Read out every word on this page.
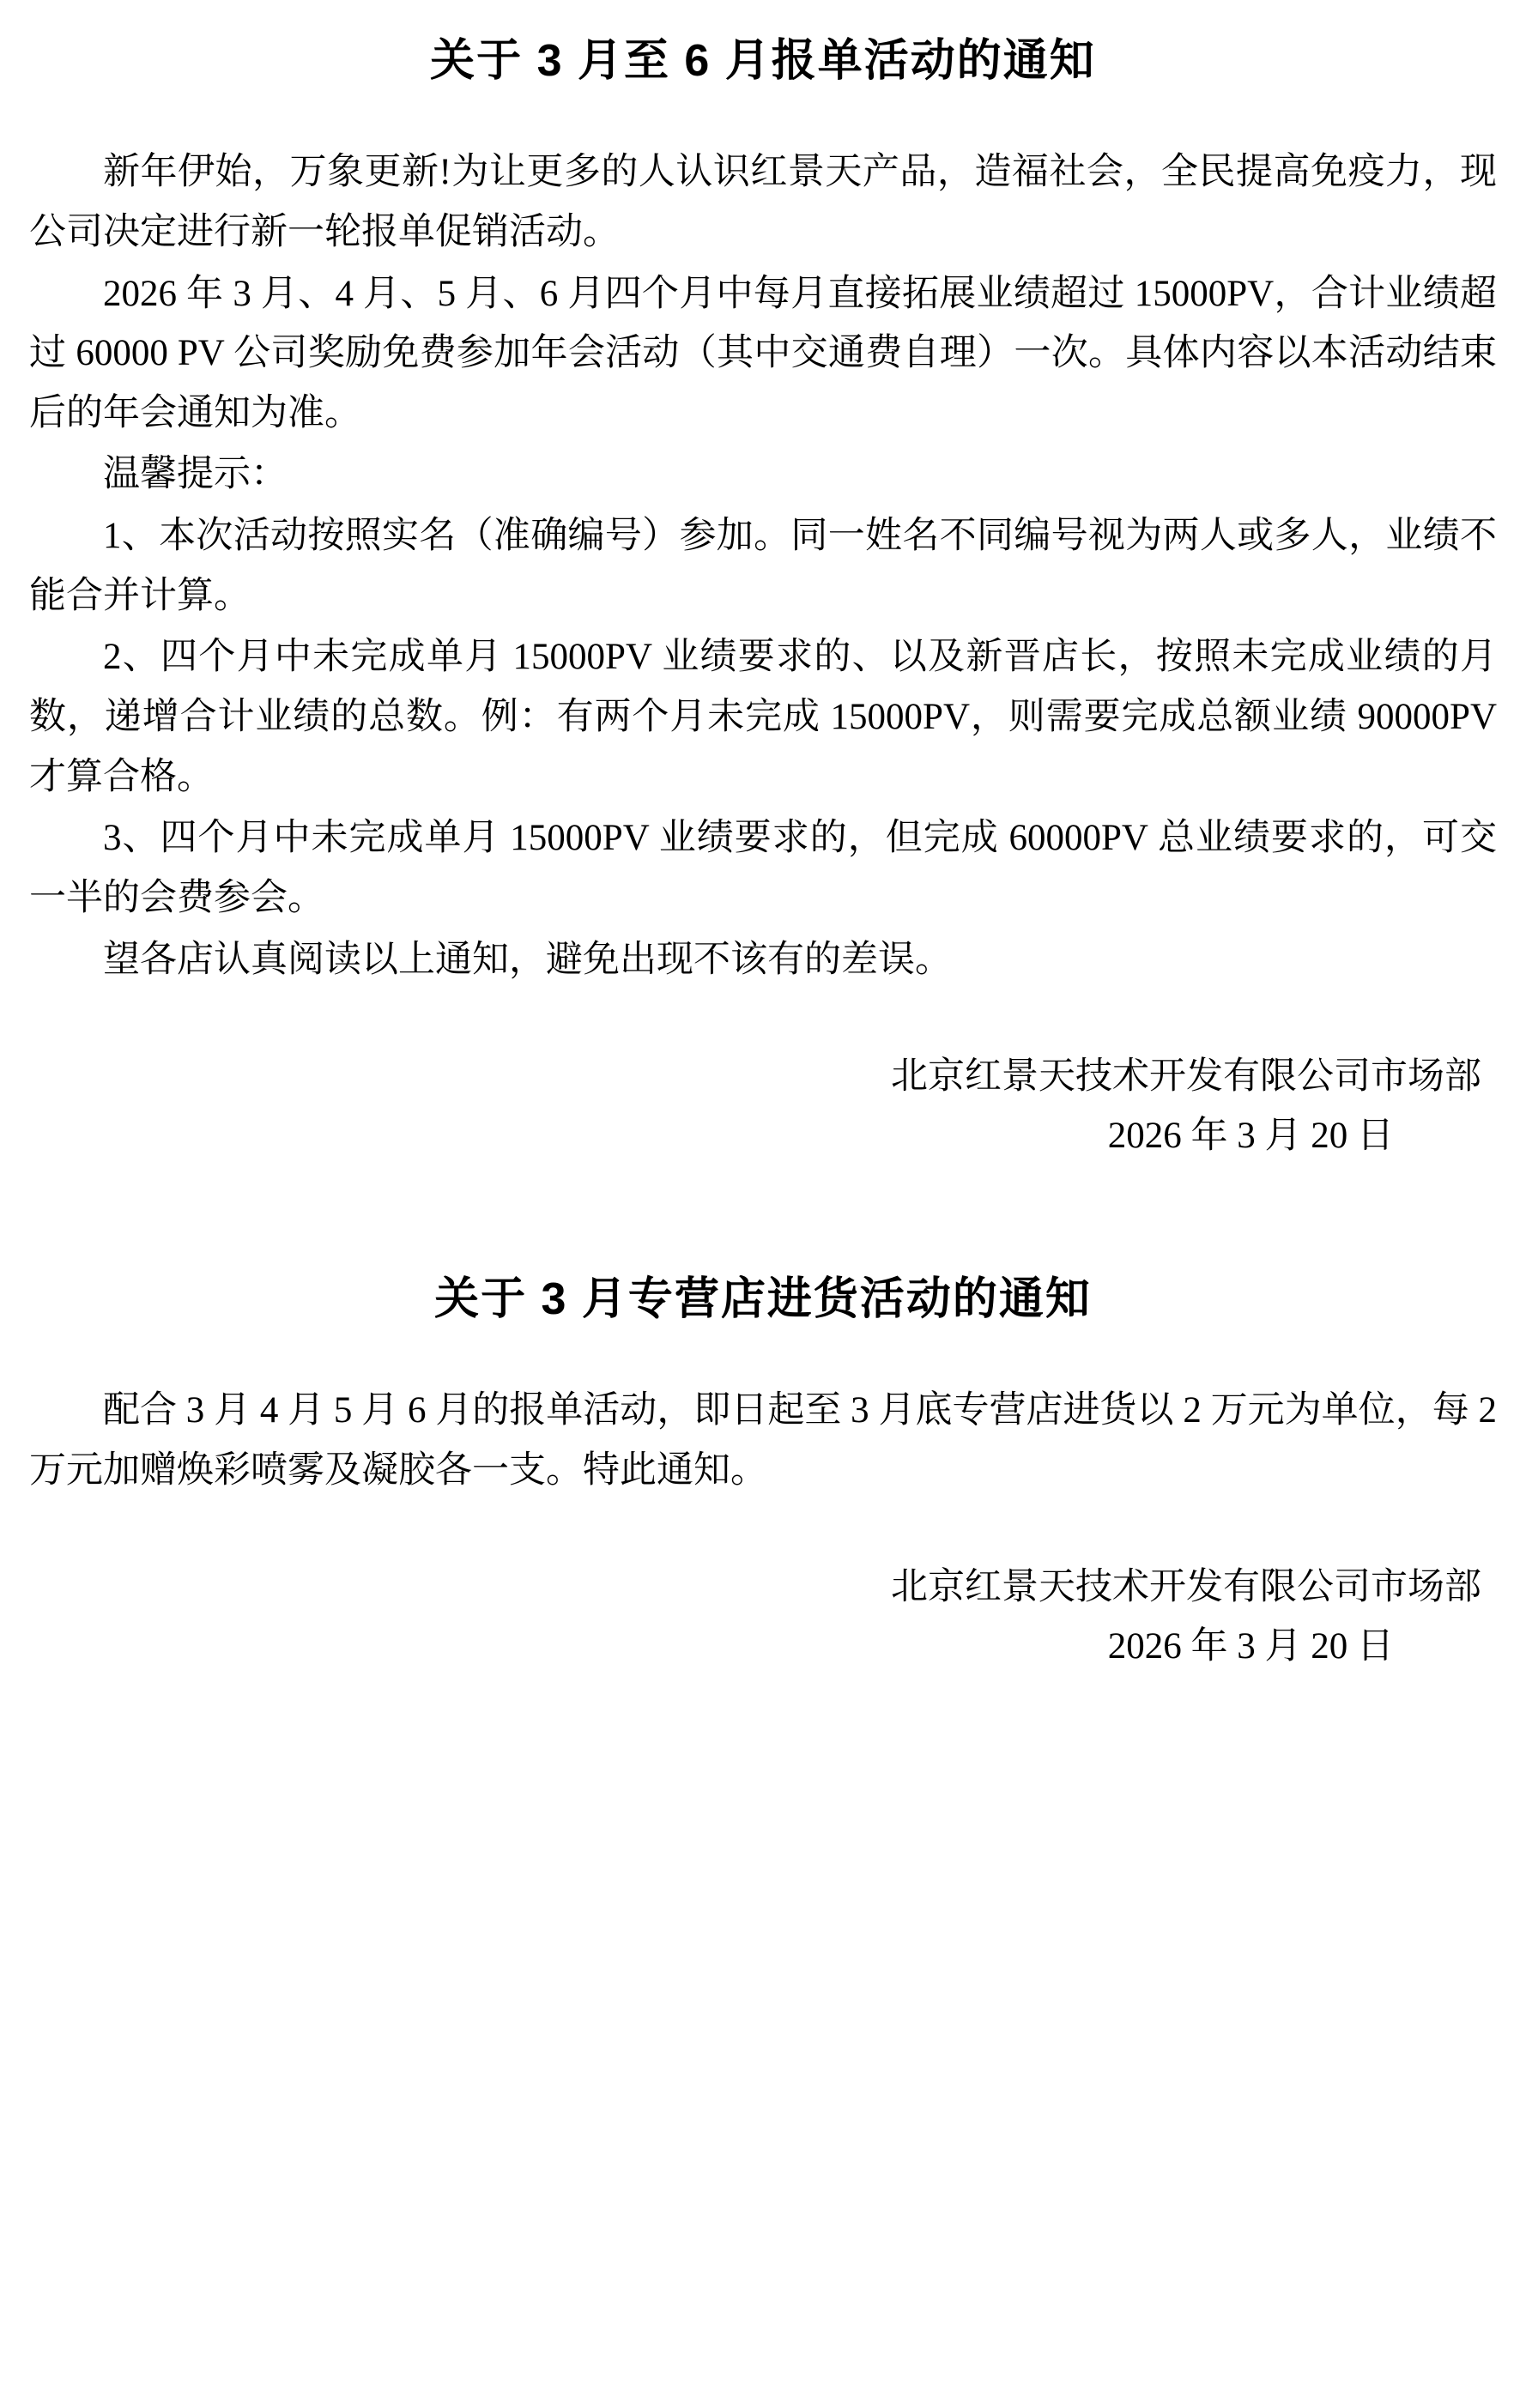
关于 3 月至 6 月报单活动的通知

新年伊始，万象更新!为让更多的人认识红景天产品，造福社会，全民提高免疫力，现公司决定进行新一轮报单促销活动。

2026 年 3 月、4 月、5 月、6 月四个月中每月直接拓展业绩超过 15000PV，合计业绩超过 60000 PV 公司奖励免费参加年会活动（其中交通费自理）一次。具体内容以本活动结束后的年会通知为准。

温馨提示：

1、本次活动按照实名（准确编号）参加。同一姓名不同编号视为两人或多人，业绩不能合并计算。

2、四个月中未完成单月 15000PV 业绩要求的、以及新晋店长，按照未完成业绩的月数，递增合计业绩的总数。例：有两个月未完成 15000PV，则需要完成总额业绩 90000PV 才算合格。

3、四个月中未完成单月 15000PV 业绩要求的，但完成 60000PV 总业绩要求的，可交一半的会费参会。

望各店认真阅读以上通知，避免出现不该有的差误。

北京红景天技术开发有限公司市场部
2026 年 3 月 20 日
关于 3 月专营店进货活动的通知

配合 3 月 4 月 5 月 6 月的报单活动，即日起至 3 月底专营店进货以 2 万元为单位，每 2 万元加赠焕彩喷雾及凝胶各一支。特此通知。

北京红景天技术开发有限公司市场部
2026 年 3 月 20 日
